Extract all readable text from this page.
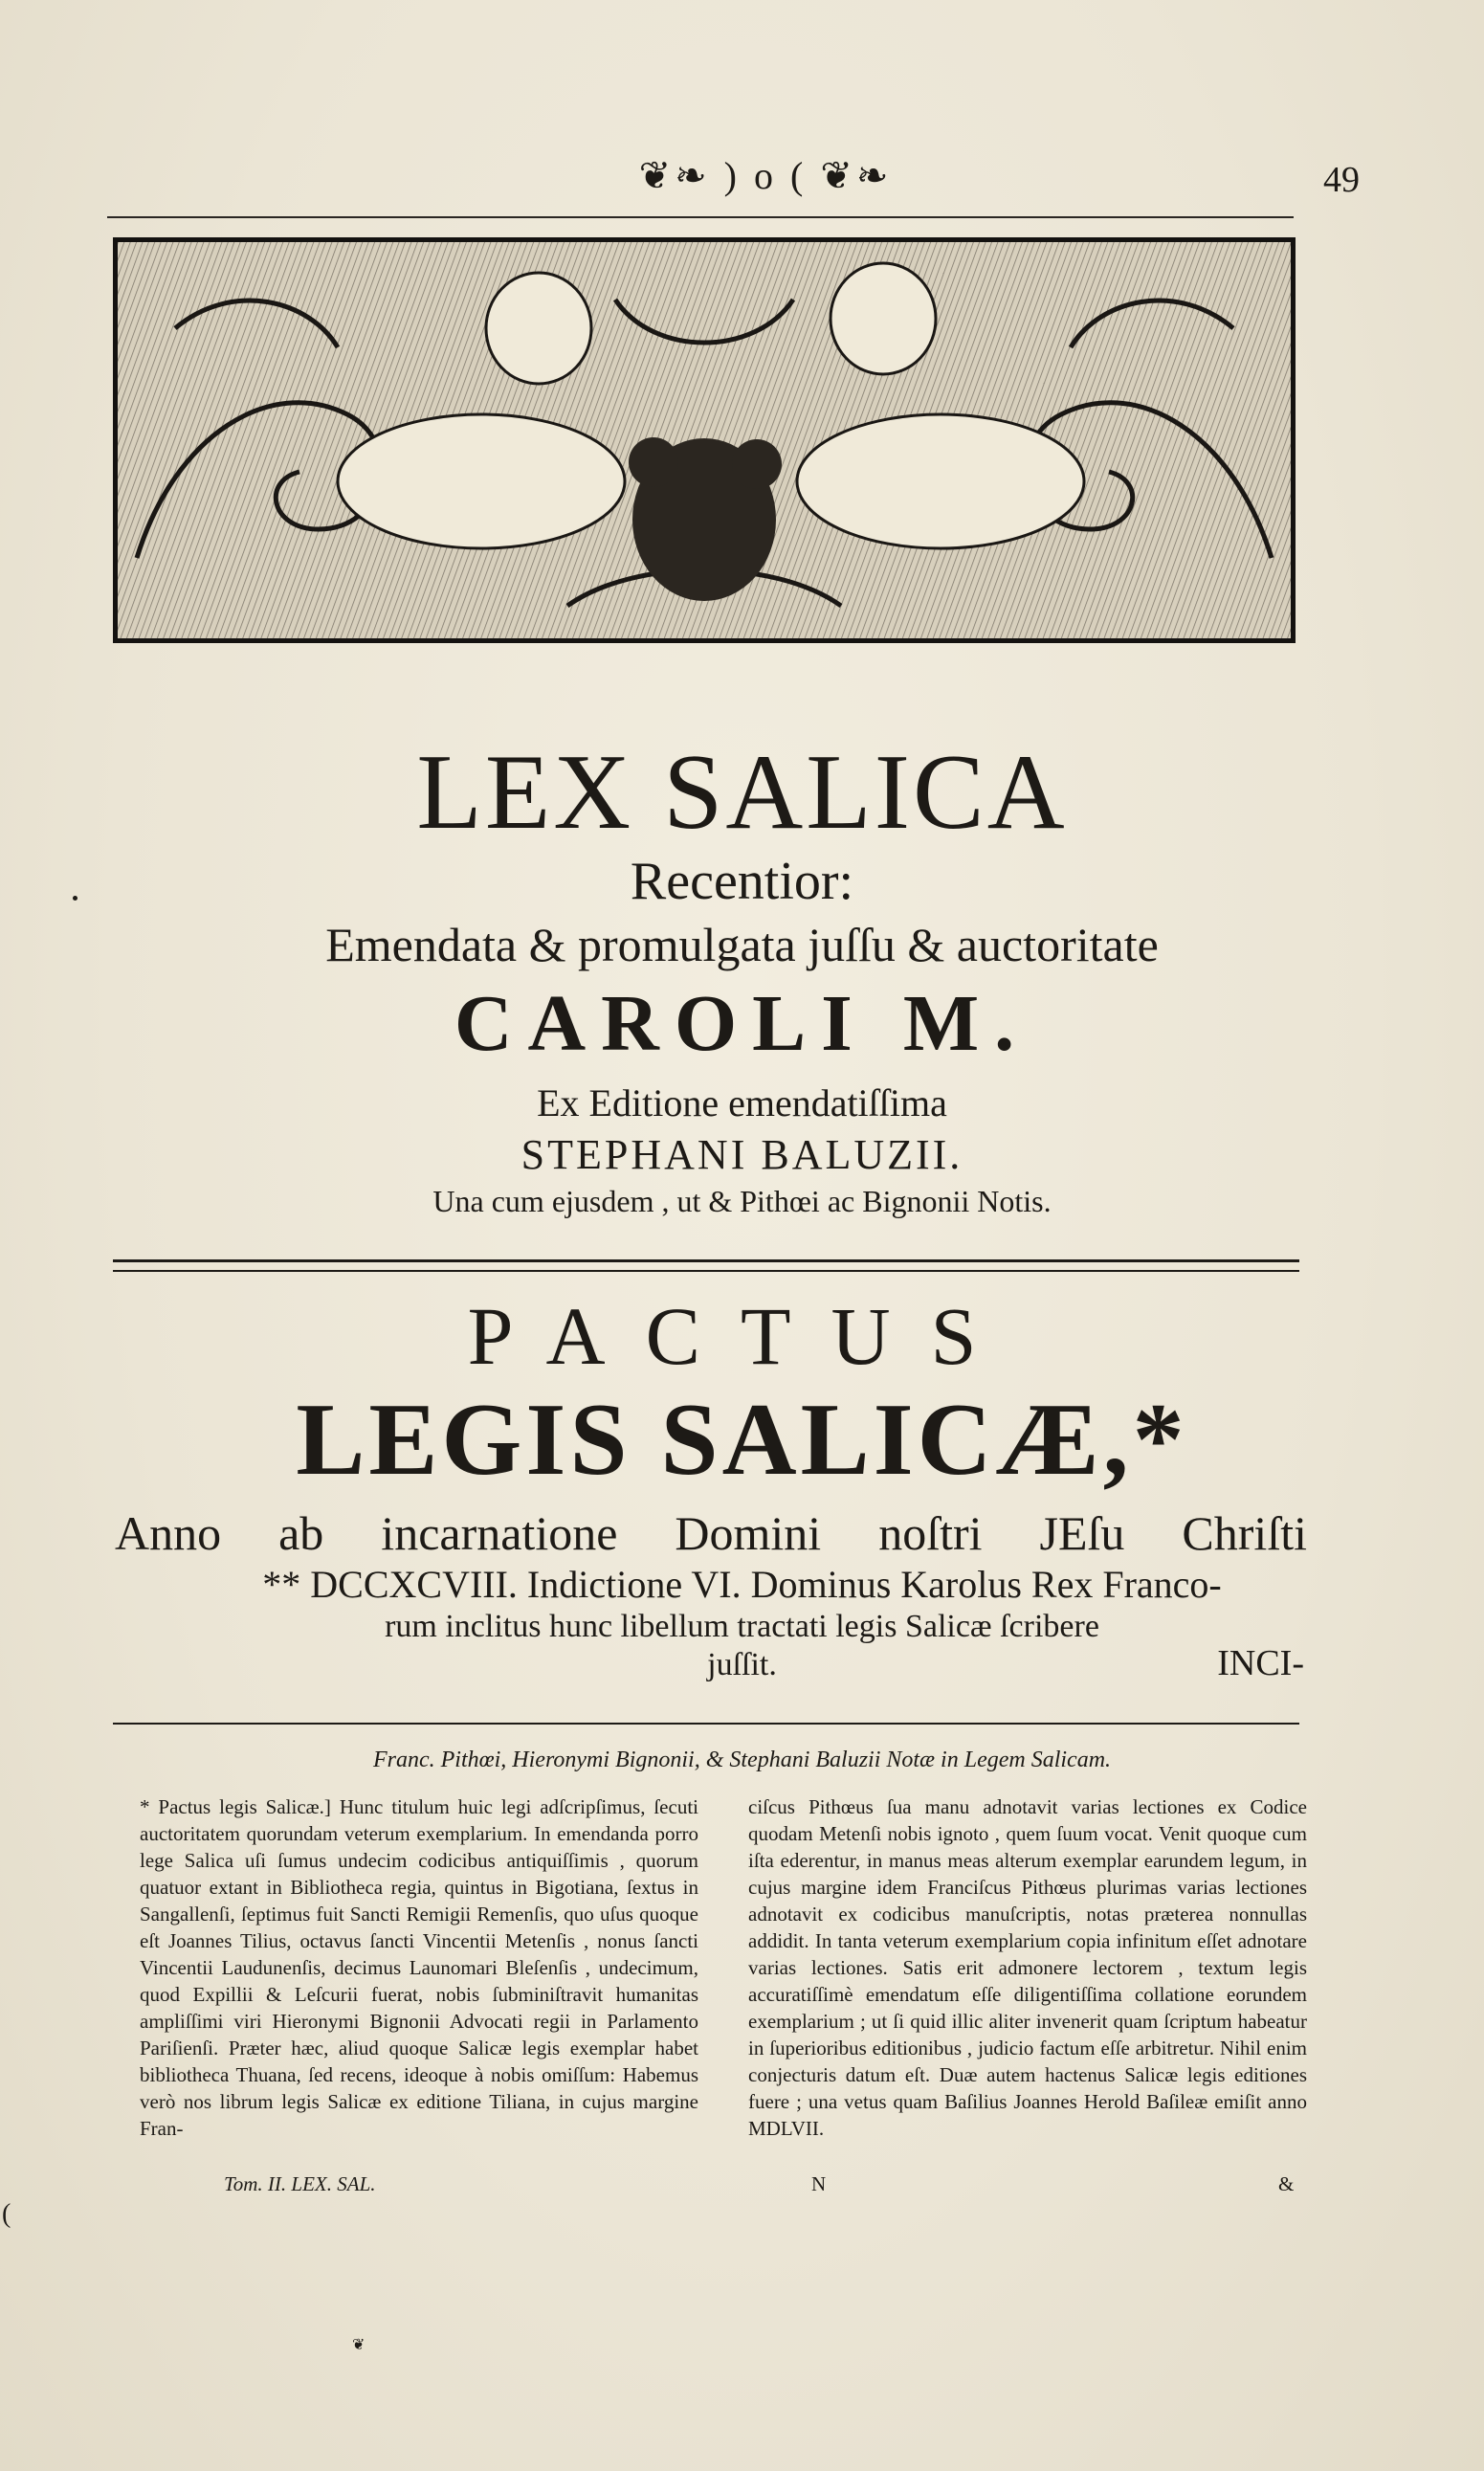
❦❧ ) o ( ❦❧	49
LEX SALICA
Recentior:
Emendata & promulgata juſſu & auctoritate
CAROLI M.
Ex Editione emendatiſſima
STEPHANI BALUZII.
Una cum ejusdem , ut & Pithœi ac Bignonii Notis.
PACTUS
LEGIS SALICÆ,*
Anno ab incarnatione Domini noſtri JEſu Chriſti
** DCCXCVIII. Indictione VI. Dominus Karolus Rex Franco-
rum inclitus hunc libellum tractati legis Salicæ ſcribere
juſſit.	INCI-
Franc. Pithœi, Hieronymi Bignonii, & Stephani Baluzii Notæ in Legem Salicam.

* Pactus legis Salicæ.] Hunc titulum huic legi adſcripſimus, ſecuti auctoritatem quorundam veterum exemplarium. In emendanda porro lege Salica uſi ſumus undecim codicibus antiquiſſimis , quorum quatuor extant in Bibliotheca regia, quintus in Bigotiana, ſextus in Sangallenſi, ſeptimus fuit Sancti Remigii Remenſis, quo uſus quoque eſt Joannes Tilius, octavus ſancti Vincentii Metenſis , nonus ſancti Vincentii Laudunenſis, decimus Launomari Bleſenſis , undecimum, quod Expillii & Leſcurii fuerat, nobis ſubminiſtravit humanitas ampliſſimi viri Hieronymi Bignonii Advocati regii in Parlamento Pariſienſi. Præter hæc, aliud quoque Salicæ legis exemplar habet bibliotheca Thuana, ſed recens, ideoque à nobis omiſſum: Habemus verò nos librum legis Salicæ ex editione Tiliana, in cujus margine Fran-

ciſcus Pithœus ſua manu adnotavit varias lectiones ex Codice quodam Metenſi nobis ignoto , quem ſuum vocat. Venit quoque cum iſta ederentur, in manus meas alterum exemplar earundem legum, in cujus margine idem Franciſcus Pithœus plurimas varias lectiones adnotavit ex codicibus manuſcriptis, notas præterea nonnullas addidit. In tanta veterum exemplarium copia infinitum eſſet adnotare varias lectiones. Satis erit admonere lectorem , textum legis accuratiſſimè emendatum eſſe diligentiſſima collatione eorundem exemplarium ; ut ſi quid illic aliter invenerit quam ſcriptum habeatur in ſuperioribus editionibus , judicio factum eſſe arbitretur. Nihil enim conjecturis datum eſt. Duæ autem hactenus Salicæ legis editiones fuere ; una vetus quam Baſilius Joannes Herold Baſileæ emiſit anno MDLVII.

Tom. II. LEX. SAL.	N	&
❦
(
